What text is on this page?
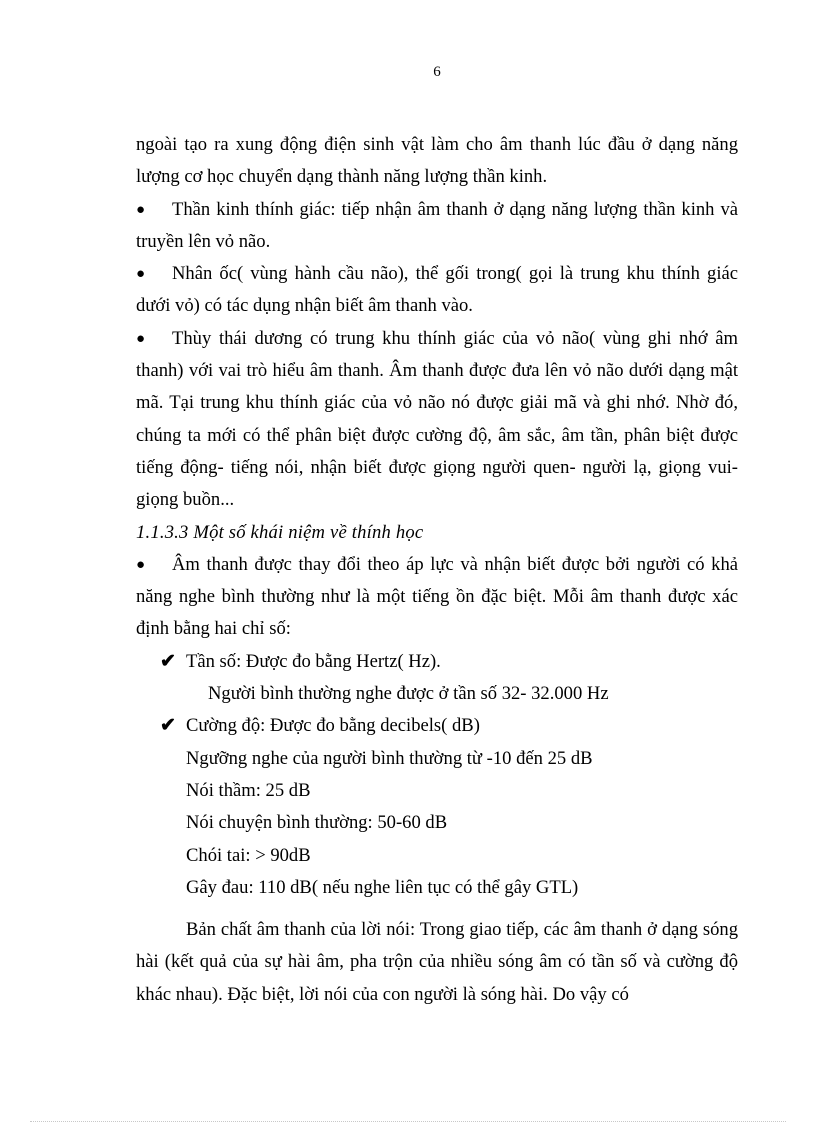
6

ngoài tạo ra xung động điện sinh vật làm cho âm thanh lúc đầu ở dạng năng lượng cơ học chuyển dạng thành năng lượng thần kinh.

● Thần kinh thính giác: tiếp nhận âm thanh ở dạng năng lượng thần kinh và truyền lên vỏ não.

● Nhân ốc( vùng hành cầu não), thể gối trong( gọi là trung khu thính giác dưới vỏ) có tác dụng nhận biết âm thanh vào.

● Thùy thái dương có trung khu thính giác của vỏ não( vùng ghi nhớ âm thanh) với vai trò hiểu âm thanh. Âm thanh được đưa lên vỏ não dưới dạng mật mã. Tại trung khu thính giác của vỏ não nó được giải mã và ghi nhớ. Nhờ đó, chúng ta mới có thể phân biệt được cường độ, âm sắc, âm tần, phân biệt được tiếng động- tiếng nói, nhận biết được giọng người quen- người lạ, giọng vui- giọng buồn...

1.1.3.3 Một số khái niệm về thính học

● Âm thanh được thay đổi theo áp lực và nhận biết được bởi người có khả năng nghe bình thường như là một tiếng ồn đặc biệt. Mỗi âm thanh được xác định bằng hai chỉ số:

✔ Tần số: Được đo bằng Hertz( Hz).

Người bình thường nghe được ở tần số 32- 32.000 Hz

✔ Cường độ: Được đo bằng decibels( dB)

Ngưỡng nghe của người bình thường từ -10 đến 25 dB

Nói thầm: 25 dB

Nói chuyện bình thường: 50-60 dB

Chói tai: > 90dB

Gây đau: 110 dB( nếu nghe liên tục có thể gây GTL)

Bản chất âm thanh của lời nói: Trong giao tiếp, các âm thanh ở dạng sóng hài (kết quả của sự hài âm, pha trộn của nhiều sóng âm có tần số và cường độ khác nhau). Đặc biệt, lời nói của con người là sóng hài. Do vậy có
